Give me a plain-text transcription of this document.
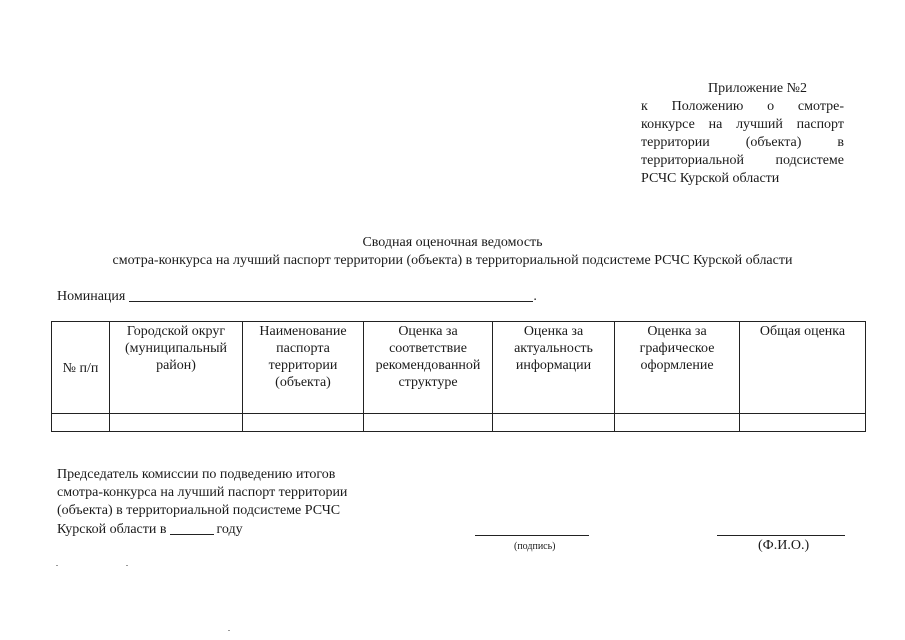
Приложение №2
к Положению о смотре-
конкурсе на лучший паспорт
территории (объекта) в
территориальной подсистеме
РСЧС Курской области
Сводная оценочная ведомость
смотра-конкурса на лучший паспорт территории (объекта) в территориальной подсистеме РСЧС Курской области
Номинация	.
№ п/п	Городской округ (муниципальный район)	Наименование паспорта территории (объекта)	Оценка за соответствие рекомендованной структуре	Оценка за актуальность информации	Оценка за графическое оформление	Общая оценка

Председатель комиссии по подведению итогов
смотра-конкурса на лучший паспорт территории
(объекта) в территориальной подсистеме РСЧС
Курской области в	году
(подпись)	(Ф.И.О.)
